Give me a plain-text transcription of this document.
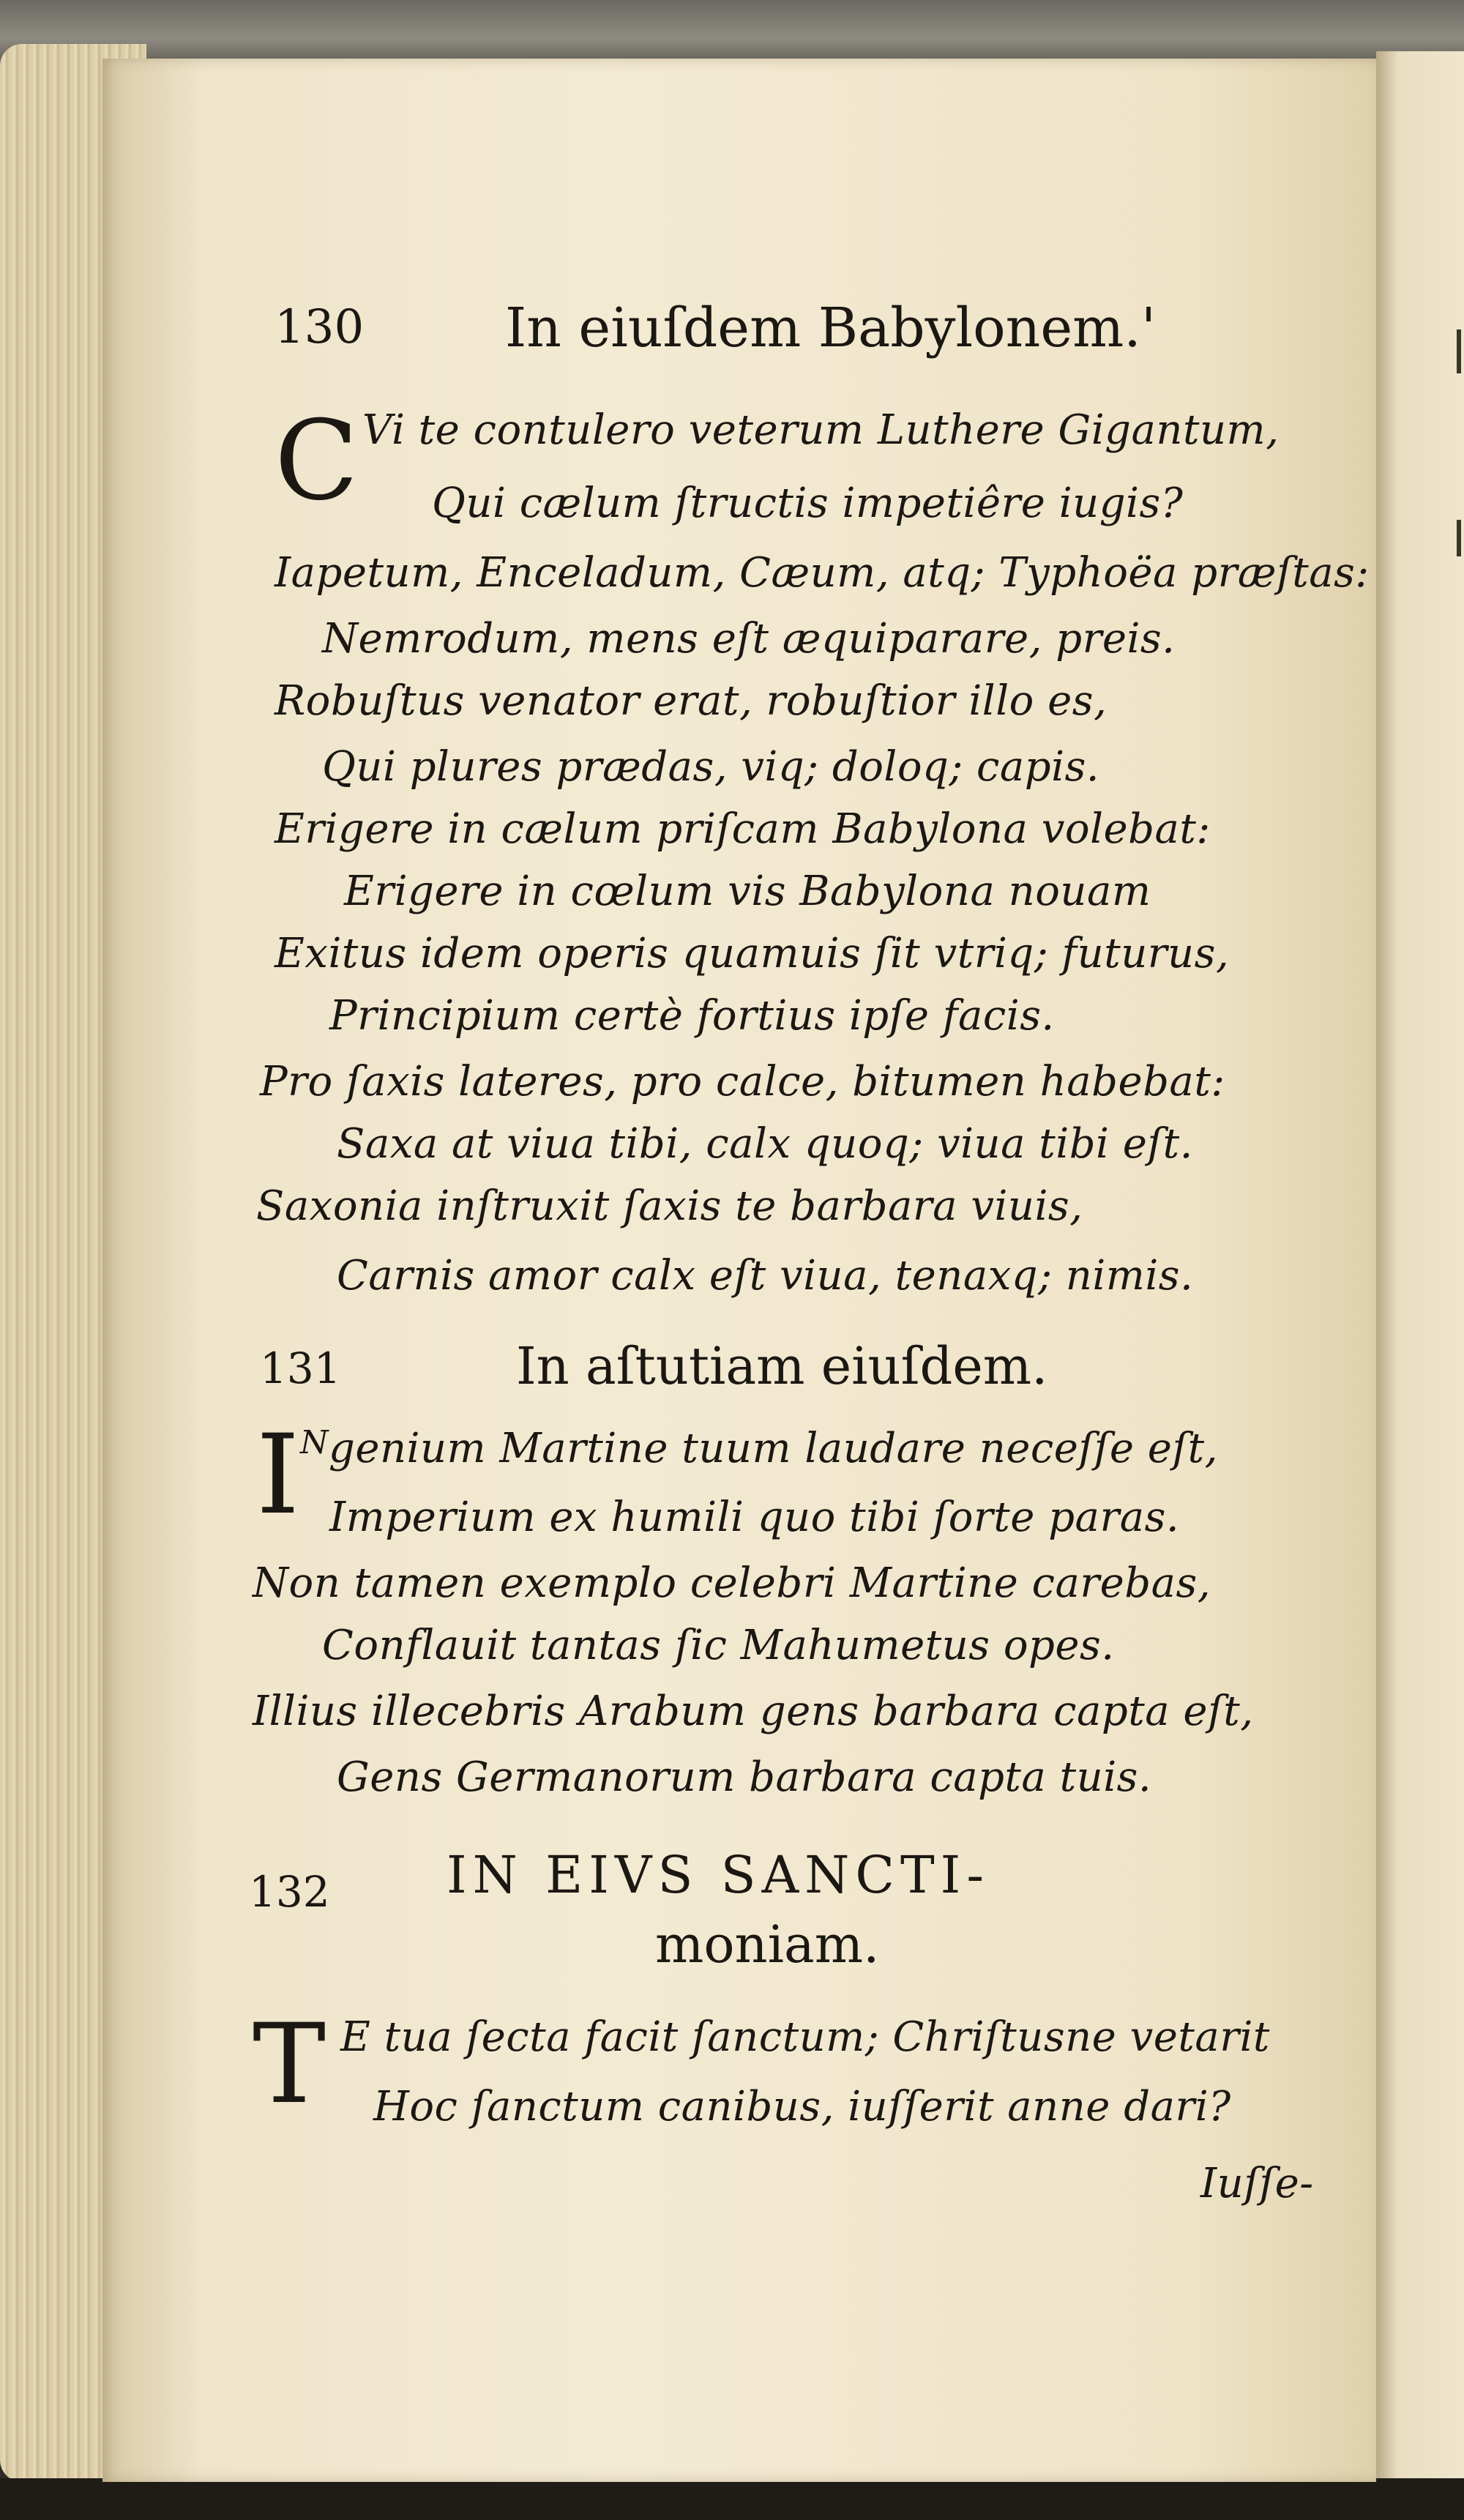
130	In eiuſdem Babylonem.'
C Vi te contulero veterum Luthere Gigantum,
Qui cælum ſtructis impetiêre iugis?
Iapetum, Enceladum, Cæum, atq; Typhoëa præſtas:
Nemrodum, mens eſt æquiparare, preis.
Robuſtus venator erat, robuſtior illo es,
Qui plures prædas, viq; doloq; capis.
Erigere in cælum priſcam Babylona volebat:
Erigere in cœlum vis Babylona nouam
Exitus idem operis quamuis ſit vtriq; futurus,
Principium certè fortius ipſe facis.
Pro ſaxis lateres, pro calce, bitumen habebat:
Saxa at viua tibi, calx quoq; viua tibi eſt.
Saxonia inſtruxit ſaxis te barbara viuis,
Carnis amor calx eſt viua, tenaxq; nimis.
131	In aſtutiam eiuſdem.
I $^N$genium Martine tuum laudare neceſſe eſt,
Imperium ex humili quo tibi ſorte paras.
Non tamen exemplo celebri Martine carebas,
Conflauit tantas ſic Mahumetus opes.
Illius illecebris Arabum gens barbara capta eſt,
Gens Germanorum barbara capta tuis.
132 IN EIVS SANCTI-
moniam.
T E tua ſecta facit ſanctum; Chriſtusne vetarit
Hoc ſanctum canibus, iuſſerit anne dari?
Iuſſe-
